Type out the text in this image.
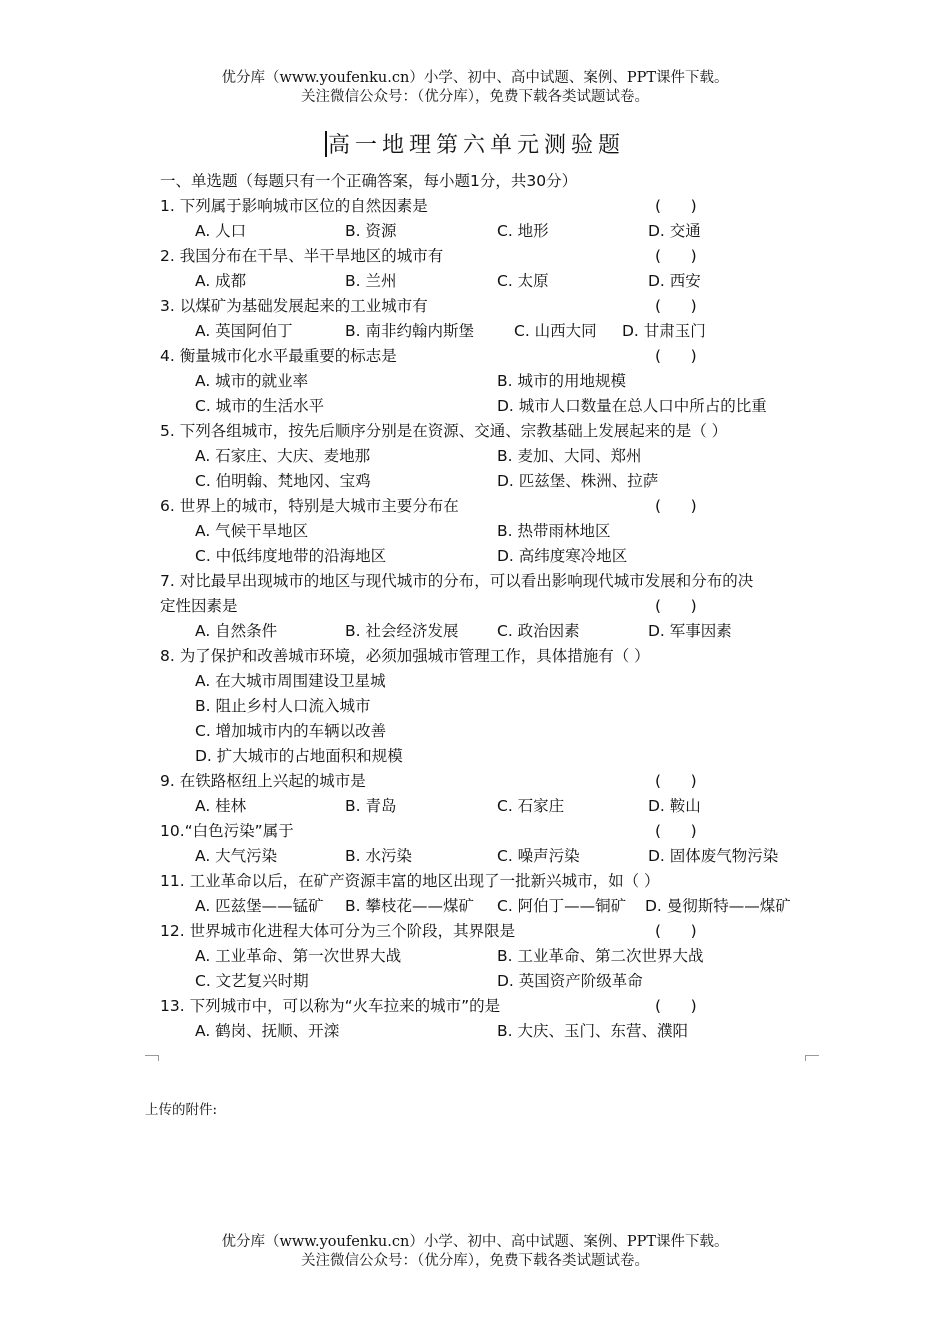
优分库（www.youfenku.cn）小学、初中、高中试题、案例、PPT课件下载。
关注微信公众号：（优分库），免费下载各类试题试卷。
高一地理第六单元测验题
一、单选题（每题只有一个正确答案，每小题1分，共30分）
1. 下列属于影响城市区位的自然因素是	(      )
A. 人口	B. 资源	C. 地形	D. 交通
2. 我国分布在干旱、半干旱地区的城市有	(      )
A. 成都	B. 兰州	C. 太原	D. 西安
3. 以煤矿为基础发展起来的工业城市有	(      )
A. 英国阿伯丁	B. 南非约翰内斯堡	C. 山西大同 D. 甘肃玉门
4. 衡量城市化水平最重要的标志是	(      )
A. 城市的就业率	B. 城市的用地规模
C. 城市的生活水平	D. 城市人口数量在总人口中所占的比重
5. 下列各组城市，按先后顺序分别是在资源、交通、宗教基础上发展起来的是（ ）
A. 石家庄、大庆、麦地那	B. 麦加、大同、郑州
C. 伯明翰、梵地冈、宝鸡	D. 匹兹堡、株洲、拉萨
6. 世界上的城市，特别是大城市主要分布在	(      )
A. 气候干旱地区	B. 热带雨林地区
C. 中低纬度地带的沿海地区	D. 高纬度寒冷地区
7. 对比最早出现城市的地区与现代城市的分布，可以看出影响现代城市发展和分布的决
定性因素是	(      )
A. 自然条件	B. 社会经济发展 C. 政治因素	D. 军事因素
8. 为了保护和改善城市环境，必须加强城市管理工作，具体措施有（ ）
A. 在大城市周围建设卫星城
B. 阻止乡村人口流入城市
C. 增加城市内的车辆以改善
D. 扩大城市的占地面积和规模
9. 在铁路枢纽上兴起的城市是	(      )
A. 桂林	B. 青岛	C. 石家庄	D. 鞍山
10.“白色污染”属于	(      )
A. 大气污染	B. 水污染	C. 噪声污染	D. 固体废气物污染
11. 工业革命以后，在矿产资源丰富的地区出现了一批新兴城市，如（ ）
A. 匹兹堡——锰矿 B. 攀枝花——煤矿 C. 阿伯丁——铜矿 D. 曼彻斯特——煤矿
12. 世界城市化进程大体可分为三个阶段，其界限是	(      )
A. 工业革命、第一次世界大战	B. 工业革命、第二次世界大战
C. 文艺复兴时期	D. 英国资产阶级革命
13. 下列城市中，可以称为“火车拉来的城市”的是	(      )
A. 鹤岗、抚顺、开滦	B. 大庆、玉门、东营、濮阳
上传的附件:
优分库（www.youfenku.cn）小学、初中、高中试题、案例、PPT课件下载。
关注微信公众号：（优分库），免费下载各类试题试卷。
